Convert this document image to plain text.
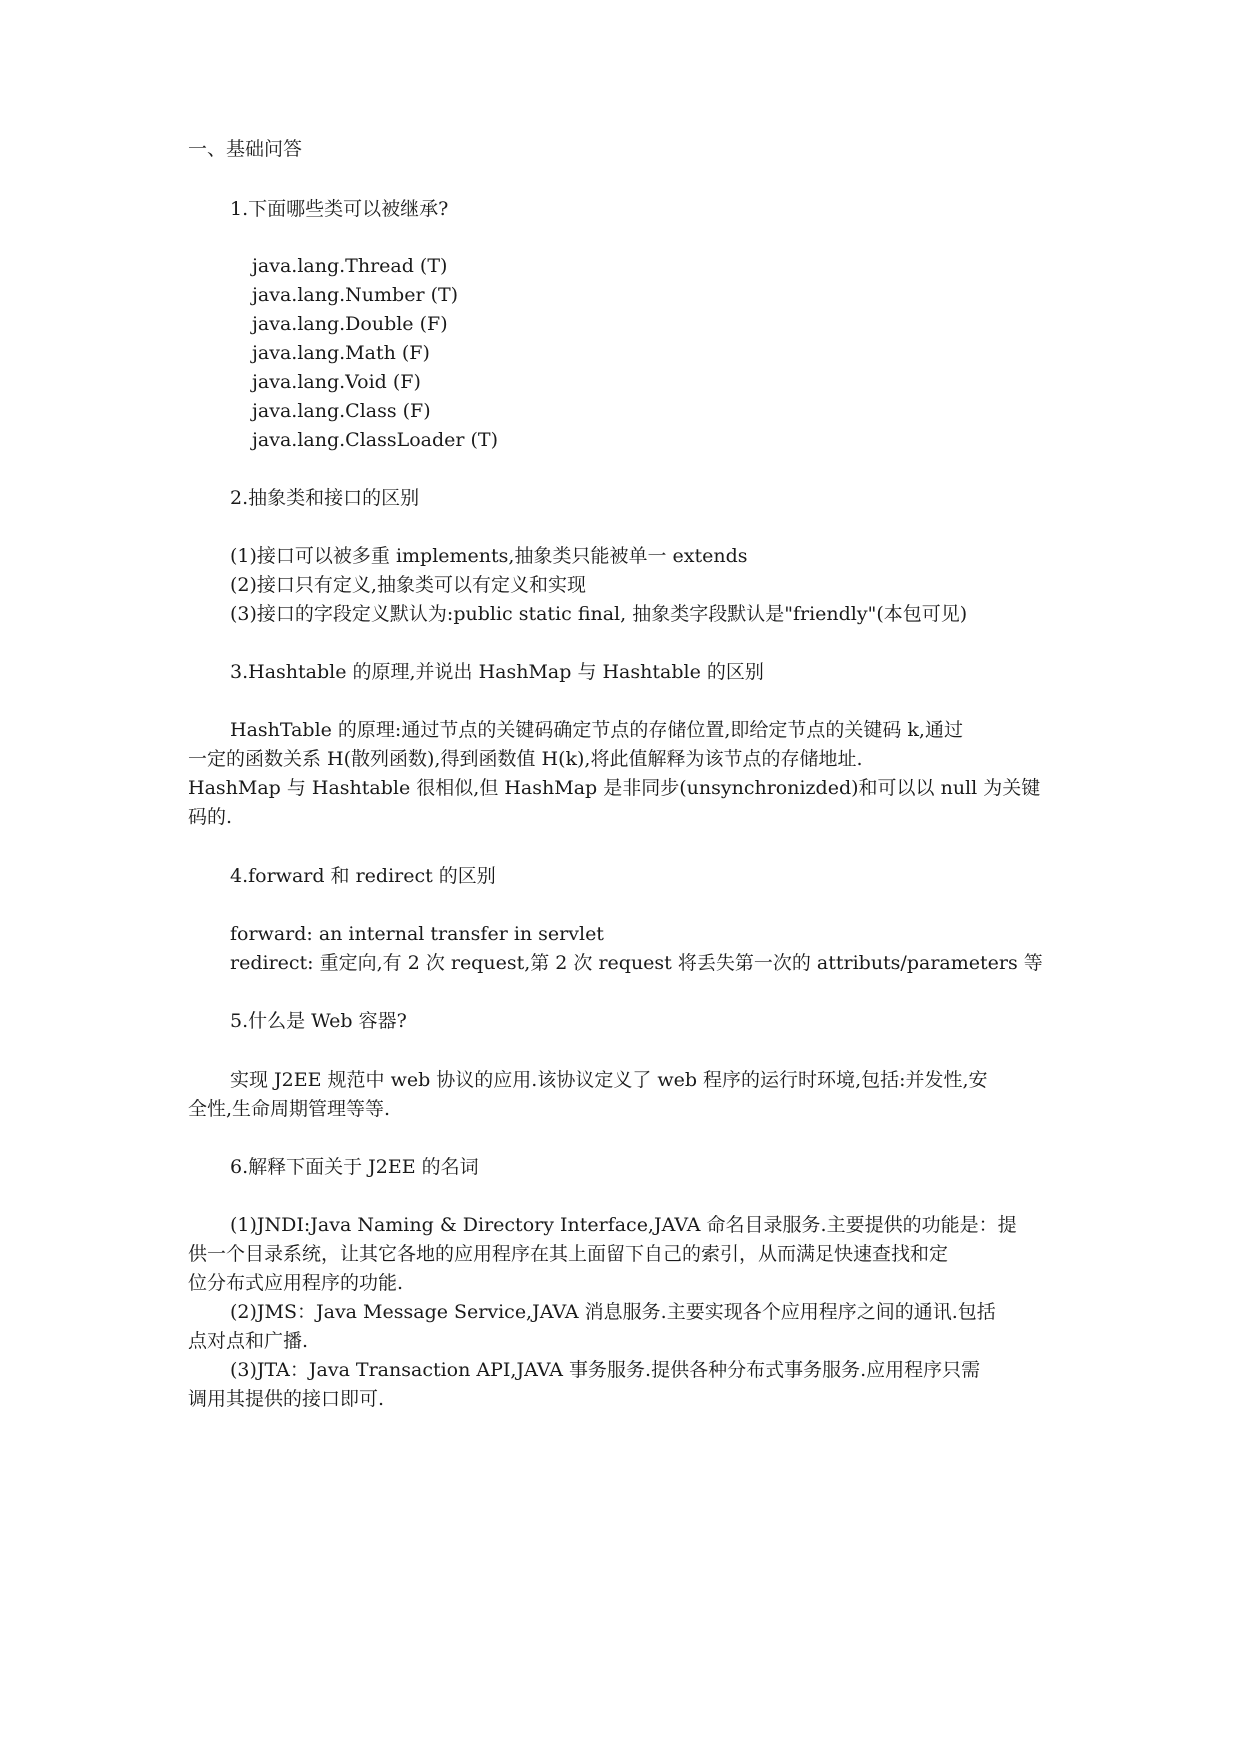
一、基础问答
1.下面哪些类可以被继承?
java.lang.Thread (T)
java.lang.Number (T)
java.lang.Double (F)
java.lang.Math (F)
java.lang.Void (F)
java.lang.Class (F)
java.lang.ClassLoader (T)
2.抽象类和接口的区别
(1)接口可以被多重 implements,抽象类只能被单一 extends
(2)接口只有定义,抽象类可以有定义和实现
(3)接口的字段定义默认为:public static final, 抽象类字段默认是"friendly"(本包可见)
3.Hashtable 的原理,并说出 HashMap 与 Hashtable 的区别
HashTable 的原理:通过节点的关键码确定节点的存储位置,即给定节点的关键码 k,通过
一定的函数关系 H(散列函数),得到函数值 H(k),将此值解释为该节点的存储地址.
HashMap 与 Hashtable 很相似,但 HashMap 是非同步(unsynchronizded)和可以以 null 为关键
码的.
4.forward 和 redirect 的区别
forward: an internal transfer in servlet
redirect: 重定向,有 2 次 request,第 2 次 request 将丢失第一次的 attributs/parameters 等
5.什么是 Web 容器?
实现 J2EE 规范中 web 协议的应用.该协议定义了 web 程序的运行时环境,包括:并发性,安
全性,生命周期管理等等.
6.解释下面关于 J2EE 的名词
(1)JNDI:Java Naming & Directory Interface,JAVA 命名目录服务.主要提供的功能是：提
供一个目录系统，让其它各地的应用程序在其上面留下自己的索引，从而满足快速查找和定
位分布式应用程序的功能.
(2)JMS：Java Message Service,JAVA 消息服务.主要实现各个应用程序之间的通讯.包括
点对点和广播.
(3)JTA：Java Transaction API,JAVA 事务服务.提供各种分布式事务服务.应用程序只需
调用其提供的接口即可.
